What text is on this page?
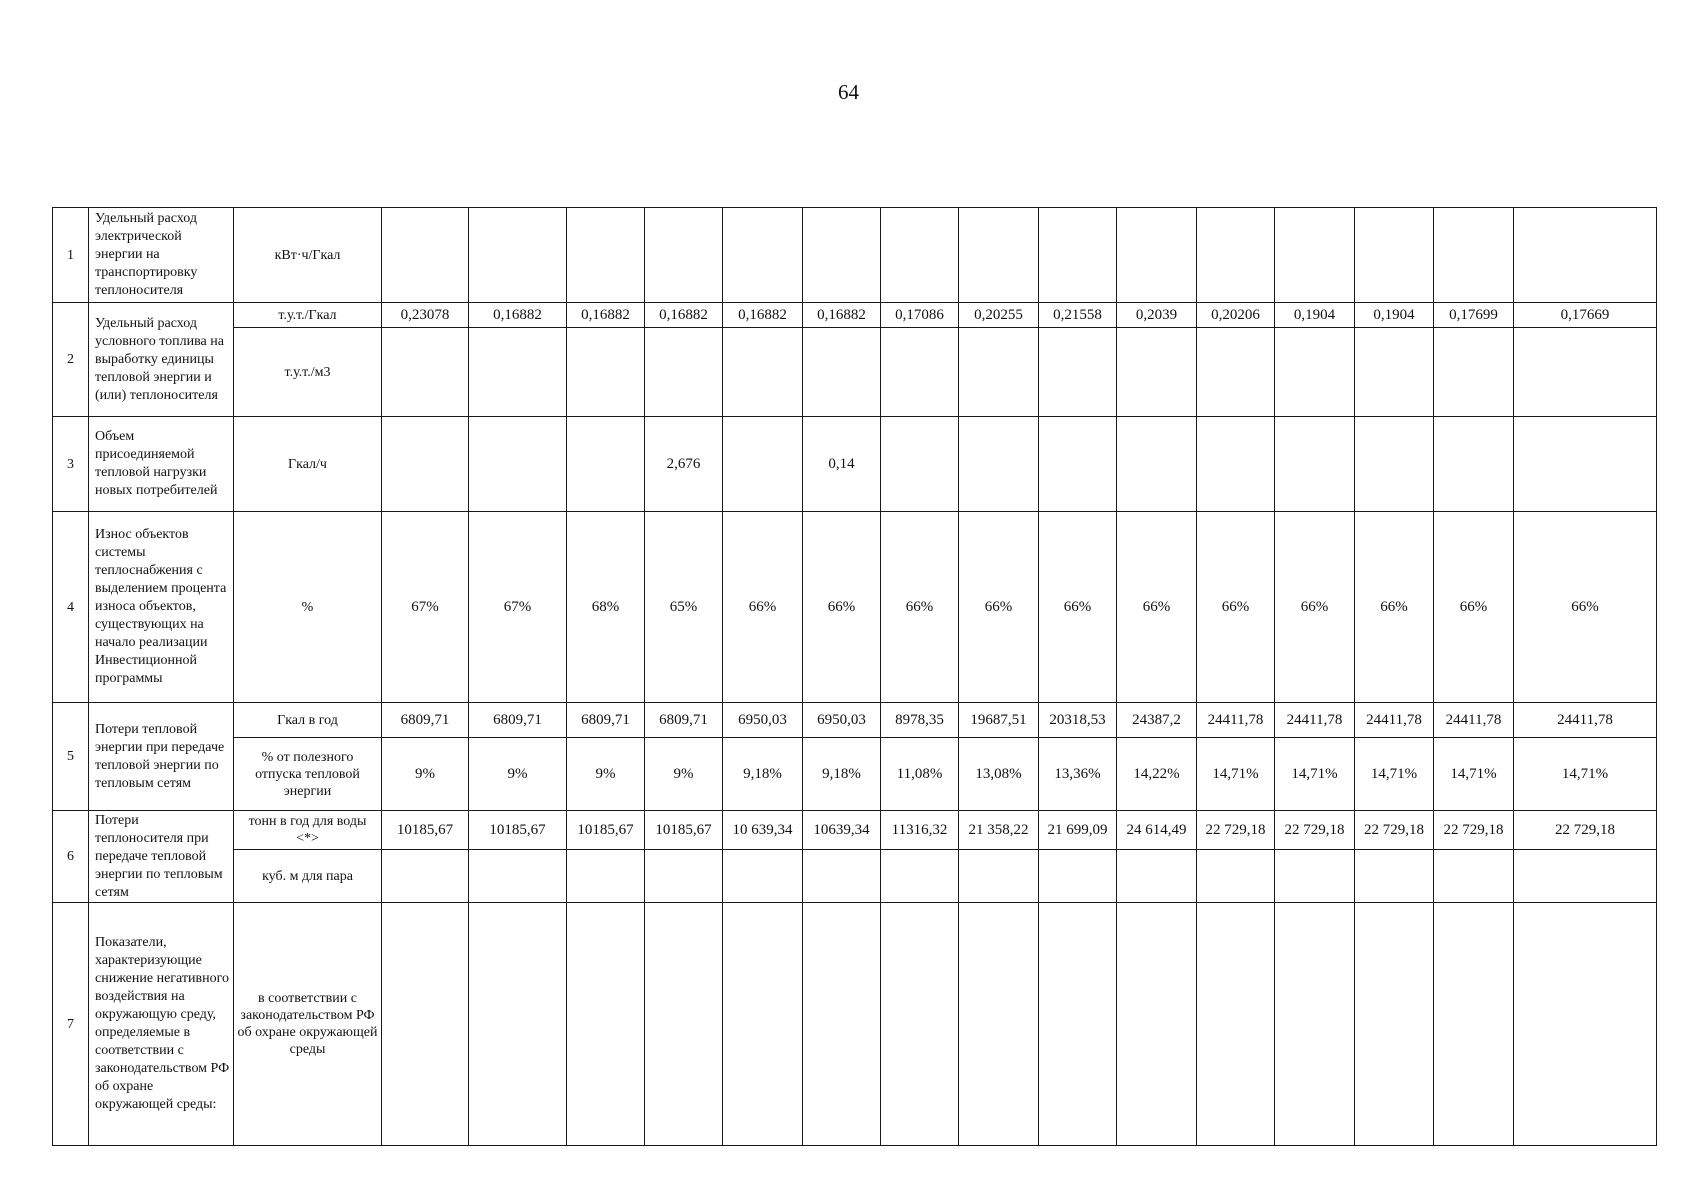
64
1	Удельный расход электрической энергии на транспортировку теплоносителя	кВт·ч/Гкал																
2	Удельный расход условного топлива на выработку единицы тепловой энергии и (или) теплоносителя	т.у.т./Гкал	0,23078	0,16882	0,16882	0,16882	0,16882	0,16882	0,17086	0,20255	0,21558	0,2039	0,20206	0,1904	0,1904	0,17699	0,17669	
		т.у.т./м3																
3	Объем присоединяемой тепловой нагрузки новых потребителей	Гкал/ч				2,676		0,14										
4	Износ объектов системы теплоснабжения с выделением процента износа объектов, существующих на начало реализации Инвестиционной программы	%	67%	67%	68%	65%	66%	66%	66%	66%	66%	66%	66%	66%	66%	66%	66%	
5	Потери тепловой энергии при передаче тепловой энергии по тепловым сетям	Гкал в год	6809,71	6809,71	6809,71	6809,71	6950,03	6950,03	8978,35	19687,51	20318,53	24387,2	24411,78	24411,78	24411,78	24411,78	24411,78	
		% от полезного отпуска тепловой энергии	9%	9%	9%	9%	9,18%	9,18%	11,08%	13,08%	13,36%	14,22%	14,71%	14,71%	14,71%	14,71%	14,71%	
6	Потери теплоносителя при передаче тепловой энергии по тепловым сетям	тонн в год для воды <*>	10185,67	10185,67	10185,67	10185,67	10 639,34	10639,34	11316,32	21 358,22	21 699,09	24 614,49	22 729,18	22 729,18	22 729,18	22 729,18	22 729,18	
		куб. м для пара																
7	Показатели, характеризующие снижение негативного воздействия на окружающую среду, определяемые в соответствии с законодательством РФ об охране окружающей среды:	в соответствии с законодательством РФ об охране окружающей среды																
